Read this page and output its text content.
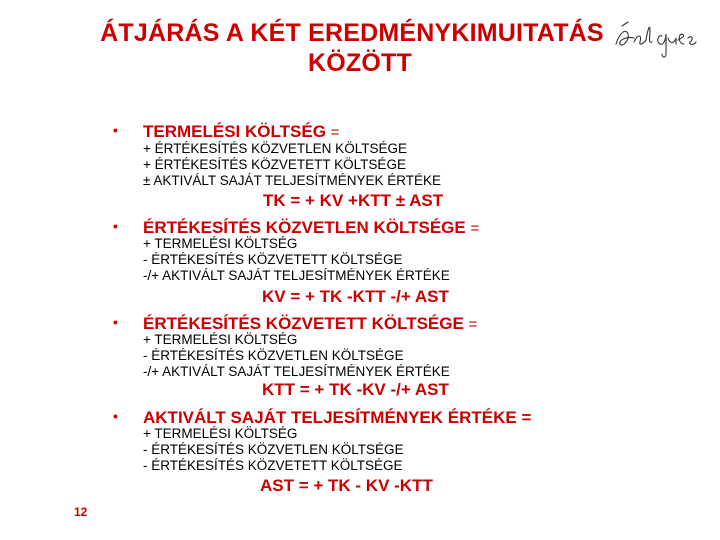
ÁTJÁRÁS A KÉT EREDMÉNYKIMUITATÁS
KÖZÖTT
• TERMELÉSI KÖLTSÉG =
+ ÉRTÉKESÍTÉS KÖZVETLEN KÖLTSÉGE
+ ÉRTÉKESÍTÉS KÖZVETETT KÖLTSÉGE
± AKTIVÁLT SAJÁT TELJESÍTMÉNYEK ÉRTÉKE
TK = + KV +KTT ± AST
• ÉRTÉKESÍTÉS KÖZVETLEN KÖLTSÉGE =
+ TERMELÉSI KÖLTSÉG
- ÉRTÉKESÍTÉS KÖZVETETT KÖLTSÉGE
-/+ AKTIVÁLT SAJÁT TELJESÍTMÉNYEK ÉRTÉKE
KV = + TK -KTT -/+ AST
• ÉRTÉKESÍTÉS KÖZVETETT KÖLTSÉGE =
+ TERMELÉSI KÖLTSÉG
- ÉRTÉKESÍTÉS KÖZVETLEN KÖLTSÉGE
-/+ AKTIVÁLT SAJÁT TELJESÍTMÉNYEK ÉRTÉKE
KTT = + TK -KV -/+ AST
• AKTIVÁLT SAJÁT TELJESÍTMÉNYEK ÉRTÉKE =
+ TERMELÉSI KÖLTSÉG
- ÉRTÉKESÍTÉS KÖZVETLEN KÖLTSÉGE
- ÉRTÉKESÍTÉS KÖZVETETT KÖLTSÉGE
AST = + TK - KV -KTT
12
